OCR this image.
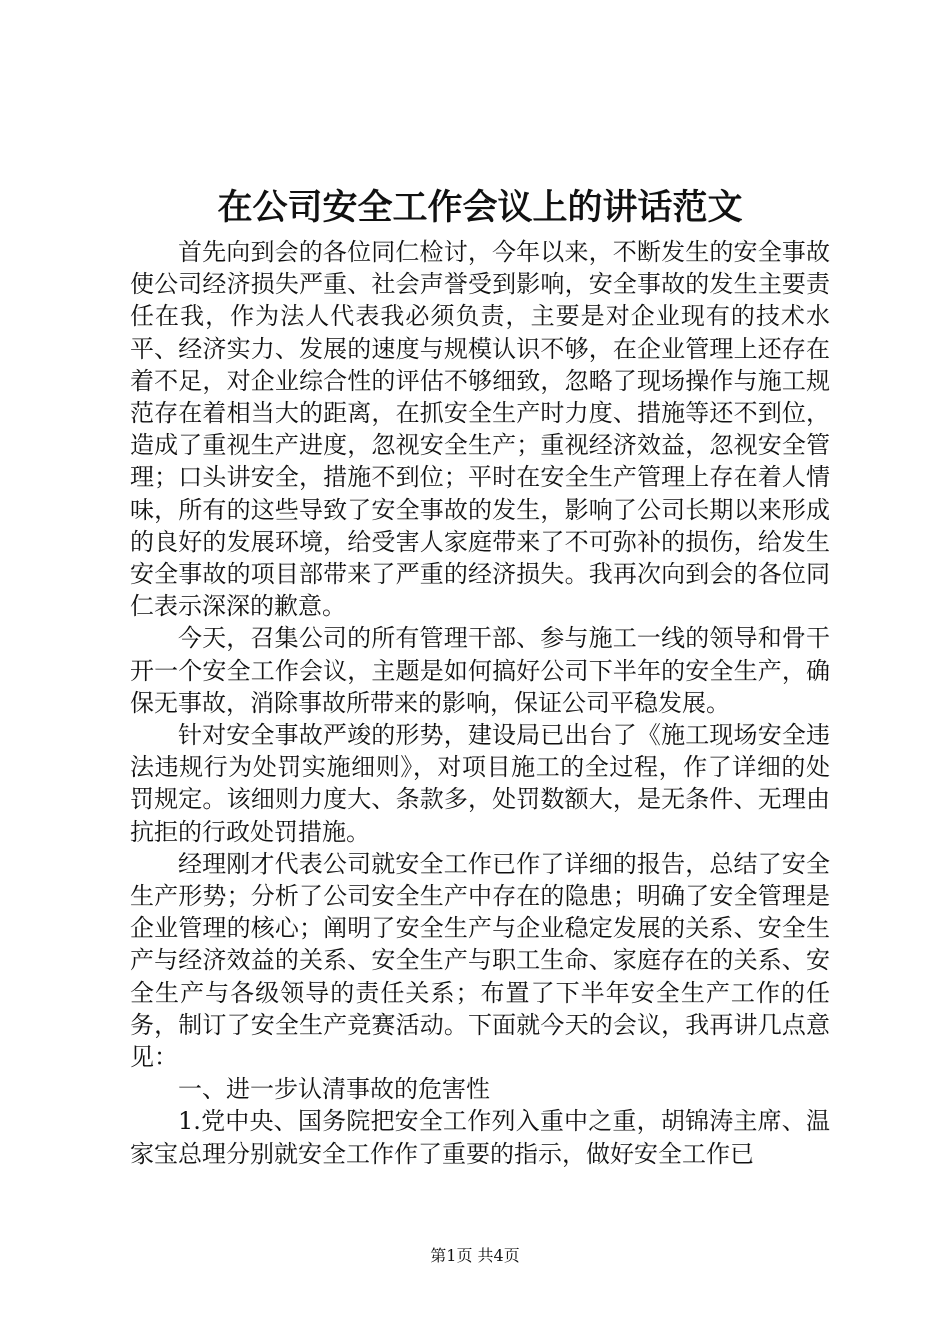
在公司安全工作会议上的讲话范文

首先向到会的各位同仁检讨，今年以来，不断发生的安全事故使公司经济损失严重、社会声誉受到影响，安全事故的发生主要责任在我，作为法人代表我必须负责，主要是对企业现有的技术水平、经济实力、发展的速度与规模认识不够，在企业管理上还存在着不足，对企业综合性的评估不够细致，忽略了现场操作与施工规范存在着相当大的距离，在抓安全生产时力度、措施等还不到位，造成了重视生产进度，忽视安全生产；重视经济效益，忽视安全管理；口头讲安全，措施不到位；平时在安全生产管理上存在着人情味，所有的这些导致了安全事故的发生，影响了公司长期以来形成的良好的发展环境，给受害人家庭带来了不可弥补的损伤，给发生安全事故的项目部带来了严重的经济损失。我再次向到会的各位同仁表示深深的歉意。

今天，召集公司的所有管理干部、参与施工一线的领导和骨干开一个安全工作会议，主题是如何搞好公司下半年的安全生产，确保无事故，消除事故所带来的影响，保证公司平稳发展。

针对安全事故严竣的形势，建设局已出台了《施工现场安全违法违规行为处罚实施细则》，对项目施工的全过程，作了详细的处罚规定。该细则力度大、条款多，处罚数额大，是无条件、无理由抗拒的行政处罚措施。

经理刚才代表公司就安全工作已作了详细的报告，总结了安全生产形势；分析了公司安全生产中存在的隐患；明确了安全管理是企业管理的核心；阐明了安全生产与企业稳定发展的关系、安全生产与经济效益的关系、安全生产与职工生命、家庭存在的关系、安全生产与各级领导的责任关系；布置了下半年安全生产工作的任务，制订了安全生产竞赛活动。下面就今天的会议，我再讲几点意见：

一、进一步认清事故的危害性

1.党中央、国务院把安全工作列入重中之重，胡锦涛主席、温家宝总理分别就安全工作作了重要的指示，做好安全工作已

第1页 共4页
